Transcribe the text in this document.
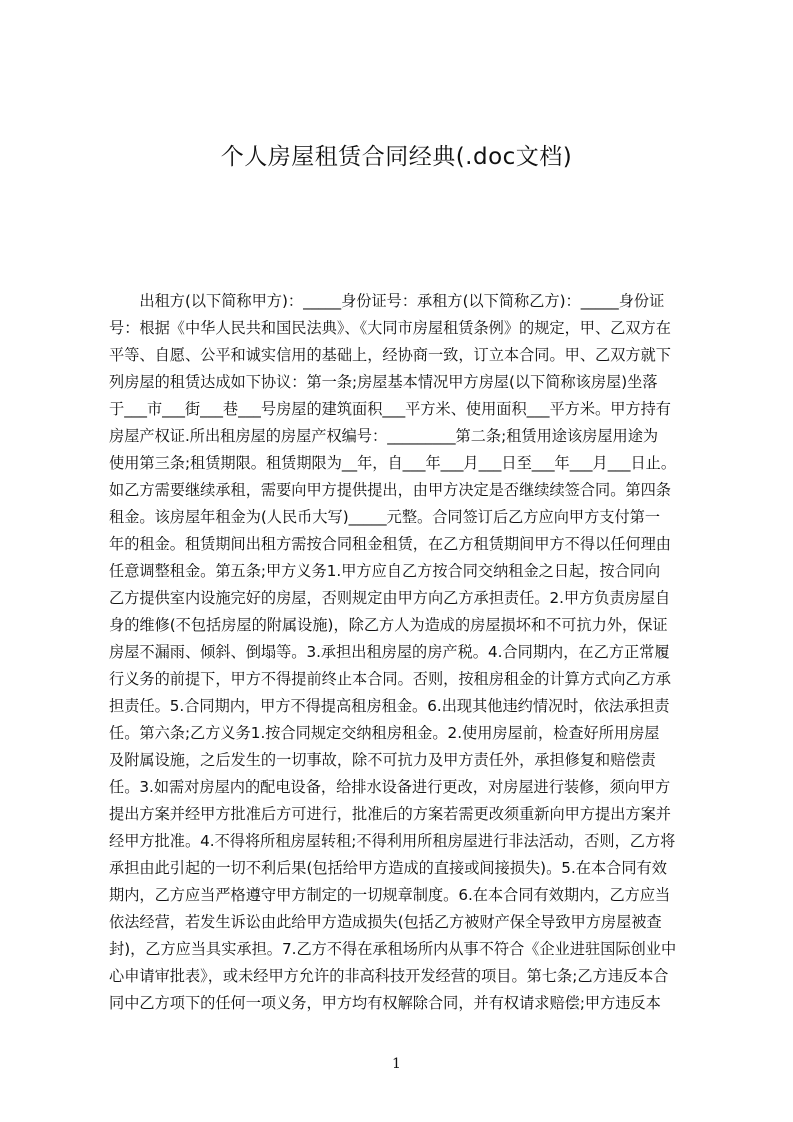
个人房屋租赁合同经典(.doc文档)
　　出租方(以下简称甲方)：_____身份证号：承租方(以下简称乙方)：_____身份证
号：根据《中华人民共和国民法典》、《大同市房屋租赁条例》的规定，甲、乙双方在
平等、自愿、公平和诚实信用的基础上，经协商一致，订立本合同。甲、乙双方就下
列房屋的租赁达成如下协议：第一条;房屋基本情况甲方房屋(以下简称该房屋)坐落
于___市___街___巷___号房屋的建筑面积___平方米、使用面积___平方米。甲方持有
房屋产权证.所出租房屋的房屋产权编号：_________第二条;租赁用途该房屋用途为
使用第三条;租赁期限。租赁期限为__年，自___年___月___日至___年___月___日止。
如乙方需要继续承租，需要向甲方提供提出，由甲方决定是否继续续签合同。第四条
租金。该房屋年租金为(人民币大写)_____元整。合同签订后乙方应向甲方支付第一
年的租金。租赁期间出租方需按合同租金租赁，在乙方租赁期间甲方不得以任何理由
任意调整租金。第五条;甲方义务1.甲方应自乙方按合同交纳租金之日起，按合同向
乙方提供室内设施完好的房屋，否则规定由甲方向乙方承担责任。2.甲方负责房屋自
身的维修(不包括房屋的附属设施)，除乙方人为造成的房屋损坏和不可抗力外，保证
房屋不漏雨、倾斜、倒塌等。3.承担出租房屋的房产税。4.合同期内，在乙方正常履
行义务的前提下，甲方不得提前终止本合同。否则，按租房租金的计算方式向乙方承
担责任。5.合同期内，甲方不得提高租房租金。6.出现其他违约情况时，依法承担责
任。第六条;乙方义务1.按合同规定交纳租房租金。2.使用房屋前，检查好所用房屋
及附属设施，之后发生的一切事故，除不可抗力及甲方责任外，承担修复和赔偿责
任。3.如需对房屋内的配电设备，给排水设备进行更改，对房屋进行装修，须向甲方
提出方案并经甲方批准后方可进行，批准后的方案若需更改须重新向甲方提出方案并
经甲方批准。4.不得将所租房屋转租;不得利用所租房屋进行非法活动，否则，乙方将
承担由此引起的一切不利后果(包括给甲方造成的直接或间接损失)。5.在本合同有效
期内，乙方应当严格遵守甲方制定的一切规章制度。6.在本合同有效期内，乙方应当
依法经营，若发生诉讼由此给甲方造成损失(包括乙方被财产保全导致甲方房屋被查
封)，乙方应当具实承担。7.乙方不得在承租场所内从事不符合《企业进驻国际创业中
心申请审批表》，或未经甲方允许的非高科技开发经营的项目。第七条;乙方违反本合
同中乙方项下的任何一项义务，甲方均有权解除合同，并有权请求赔偿;甲方违反本
1
